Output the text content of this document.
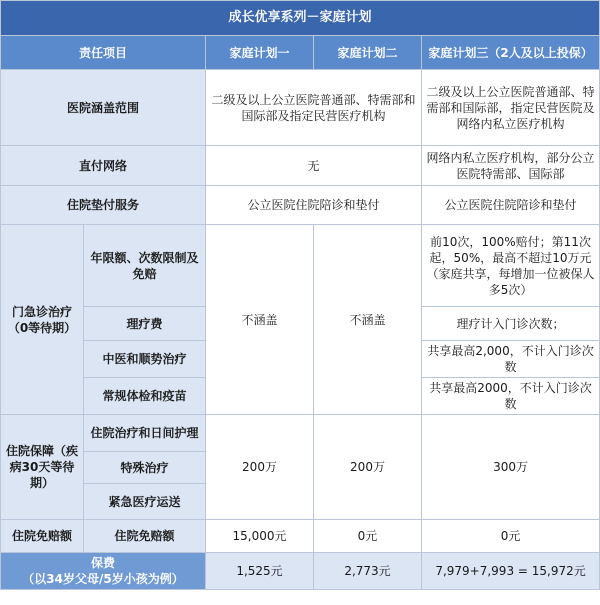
成长优享系列－家庭计划				
责任项目		家庭计划一	家庭计划二	家庭计划三（2人及以上投保）
医院涵盖范围		二级及以上公立医院普通部、特需部和国际部及指定民营医疗机构		二级及以上公立医院普通部、特需部和国际部，指定民营医院及网络内私立医疗机构
直付网络		无		网络内私立医疗机构，部分公立医院特需部、国际部
住院垫付服务		公立医院住院陪诊和垫付		公立医院住院陪诊和垫付
门急诊治疗（0等待期）	年限额、次数限制及免赔	不涵盖	不涵盖	前10次，100%赔付；第11次起，50%，最高不超过10万元（家庭共享，每增加一位被保人多5次）
	理疗费			理疗计入门诊次数；
	中医和顺势治疗			共享最高2,000，不计入门诊次数
	常规体检和疫苗			共享最高2000，不计入门诊次数
住院保障（疾病30天等待期）	住院治疗和日间护理	200万	200万	300万
	特殊治疗			
	紧急医疗运送			
住院免赔额	住院免赔额	15,000元	0元	0元

保费
（以34岁父母/5岁小孩为例）		1,525元	2,773元	7,979+7,993 = 15,972元
